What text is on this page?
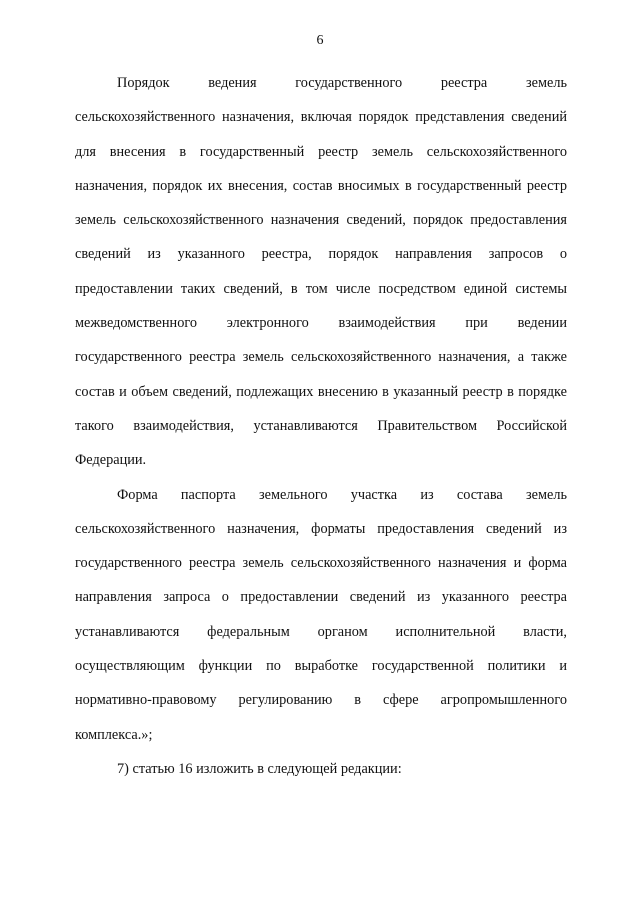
6

Порядок ведения государственного реестра земель сельскохозяйственного назначения, включая порядок представления сведений для внесения в государственный реестр земель сельскохозяйственного назначения, порядок их внесения, состав вносимых в государственный реестр земель сельскохозяйственного назначения сведений, порядок предоставления сведений из указанного реестра, порядок направления запросов о предоставлении таких сведений, в том числе посредством единой системы межведомственного электронного взаимодействия при ведении государственного реестра земель сельскохозяйственного назначения, а также состав и объем сведений, подлежащих внесению в указанный реестр в порядке такого взаимодействия, устанавливаются Правительством Российской Федерации.

Форма паспорта земельного участка из состава земель сельскохозяйственного назначения, форматы предоставления сведений из государственного реестра земель сельскохозяйственного назначения и форма направления запроса о предоставлении сведений из указанного реестра устанавливаются федеральным органом исполнительной власти, осуществляющим функции по выработке государственной политики и нормативно-правовому регулированию в сфере агропромышленного комплекса.»;

7) статью 16 изложить в следующей редакции:
